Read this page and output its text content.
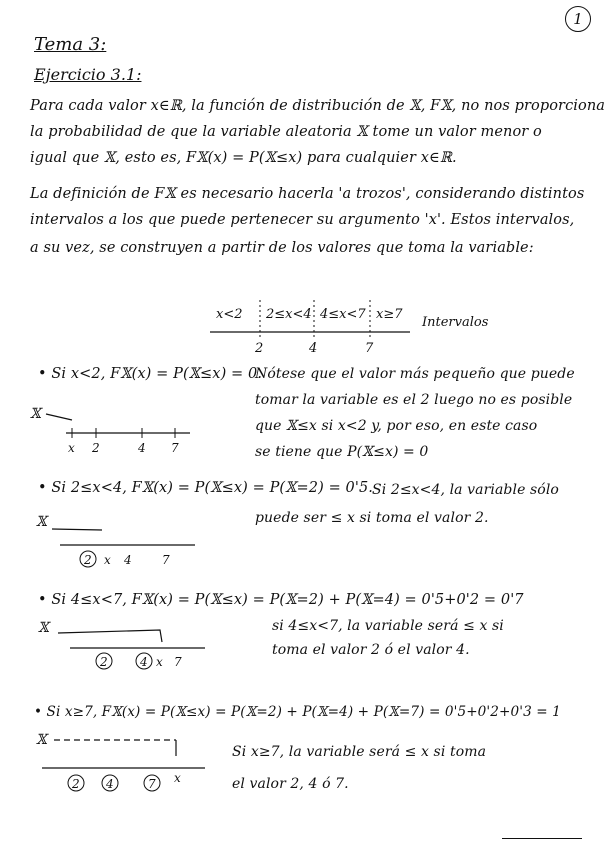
1
Tema 3:
Ejercicio 3.1:
Para cada valor x∈ℝ, la función de distribución de 𝕏, F𝕏, no nos proporciona
la probabilidad de que la variable aleatoria 𝕏 tome un valor menor o
igual que 𝕏, esto es, F𝕏(x) = P(𝕏≤x) para cualquier x∈ℝ.
La definición de F𝕏 es necesario hacerla 'a trozos', considerando distintos
intervalos a los que puede pertenecer su argumento 'x'. Estos intervalos,
a su vez, se construyen a partir de los valores que toma la variable:
x<2 2≤x<4 4≤x<7 x≥7
Intervalos
2	4	7
𝕏
x 2	4 7
𝕏
2 x 4	7
𝕏
2	4 x 7
𝕏
2 4	7 x
• Si x<2, F𝕏(x) = P(𝕏≤x) = 0.
Nótese que el valor más pequeño que puede
tomar la variable es el 2 luego no es posible
que 𝕏≤x si x<2 y, por eso, en este caso
se tiene que P(𝕏≤x) = 0
• Si 2≤x<4, F𝕏(x) = P(𝕏≤x) = P(𝕏=2) = 0'5. Si 2≤x<4, la variable sólo
puede ser ≤ x si toma el valor 2.
• Si 4≤x<7, F𝕏(x) = P(𝕏≤x) = P(𝕏=2) + P(𝕏=4) = 0'5+0'2 = 0'7
si 4≤x<7, la variable será ≤ x si
toma el valor 2 ó el valor 4.
• Si x≥7, F𝕏(x) = P(𝕏≤x) = P(𝕏=2) + P(𝕏=4) + P(𝕏=7) = 0'5+0'2+0'3 = 1
Si x≥7, la variable será ≤ x si toma
el valor 2, 4 ó 7.
